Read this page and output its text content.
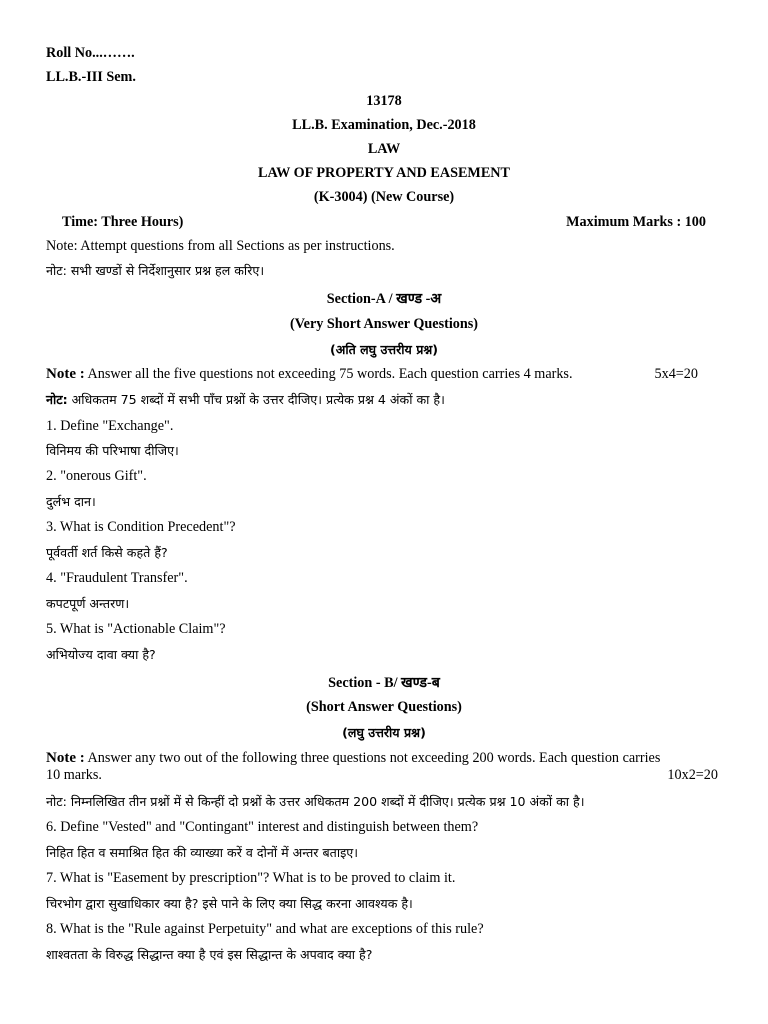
Roll No...…….
LL.B.-III Sem.
13178
LL.B. Examination, Dec.-2018
LAW
LAW OF PROPERTY AND EASEMENT
(K-3004) (New Course)
Time: Three Hours)	Maximum Marks : 100
Note: Attempt questions from all Sections as per instructions.
नोट: सभी खण्डों से निर्देशानुसार प्रश्न हल करिए।
Section-A / खण्ड -अ
(Very Short Answer Questions)
(अति लघु उत्तरीय प्रश्न)
Note : Answer all the five questions not exceeding 75 words. Each question carries 4 marks.	5x4=20
नोट: अधिकतम 75 शब्दों में सभी पाँच प्रश्नों के उत्तर दीजिए। प्रत्येक प्रश्न 4 अंकों का है।
1. Define "Exchange".
विनिमय की परिभाषा दीजिए।
2. "onerous Gift".
दुर्लभ दान।
3. What is Condition Precedent"?
पूर्ववर्ती शर्त किसे कहते हैं?
4. "Fraudulent Transfer".
कपटपूर्ण अन्तरण।
5. What is "Actionable Claim"?
अभियोज्य दावा क्या है?
Section - B/ खण्ड-ब
(Short Answer Questions)
(लघु उत्तरीय प्रश्न)
Note : Answer any two out of the following three questions not exceeding 200 words. Each question carries
10 marks.	10x2=20
नोट: निम्नलिखित तीन प्रश्नों में से किन्हीं दो प्रश्नों के उत्तर अधिकतम 200 शब्दों में दीजिए। प्रत्येक प्रश्न 10 अंकों का है।
6. Define "Vested" and "Contingant" interest and distinguish between them?
निहित हित व समाश्रित हित की व्याख्या करें व दोनों में अन्तर बताइए।
7. What is "Easement by prescription"? What is to be proved to claim it.
चिरभोग द्वारा सुखाधिकार क्या है? इसे पाने के लिए क्या सिद्ध करना आवश्यक है।
8. What is the "Rule against Perpetuity" and what are exceptions of this rule?
शाश्वतता के विरुद्ध सिद्धान्त क्या है एवं इस सिद्धान्त के अपवाद क्या है?
